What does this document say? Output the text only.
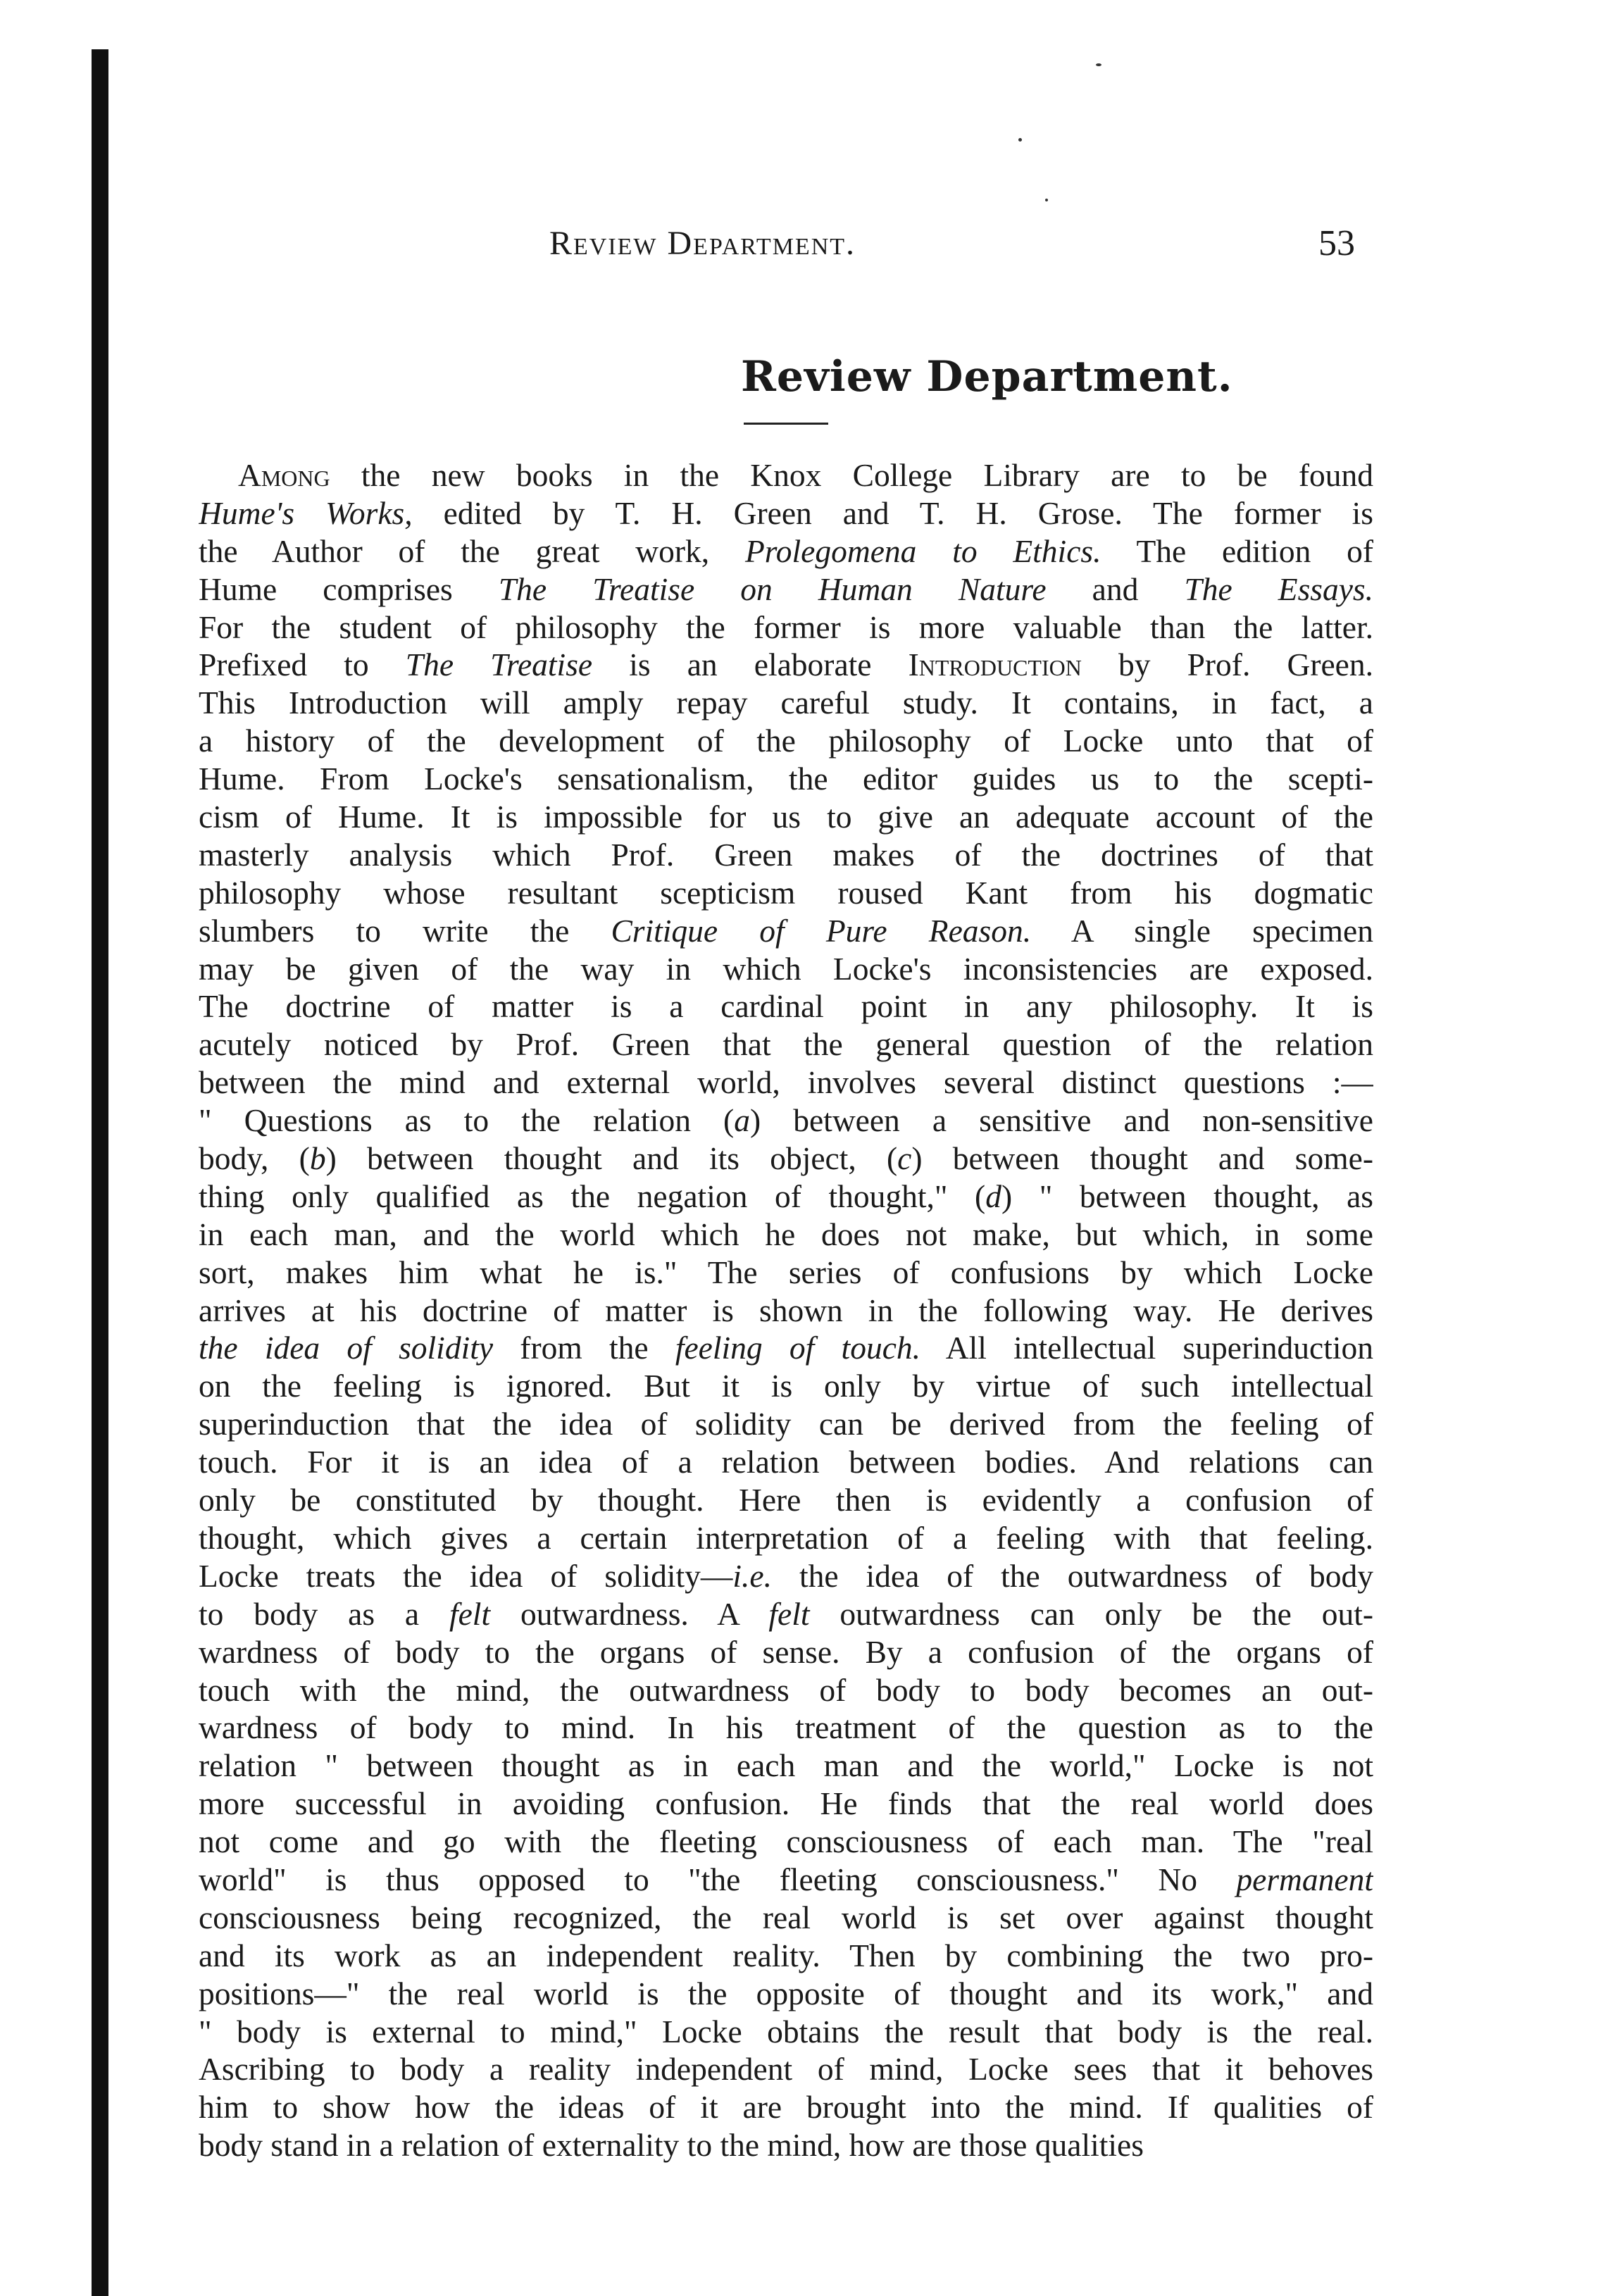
Review Department.	53
Review Department.
Among the new books in the Knox College Library are to be found
Hume's Works, edited by T. H. Green and T. H. Grose. The former is
the Author of the great work, Prolegomena to Ethics. The edition of
Hume comprises The Treatise on Human Nature and The Essays.
For the student of philosophy the former is more valuable than the latter.
Prefixed to The Treatise is an elaborate Introduction by Prof. Green.
This Introduction will amply repay careful study. It contains, in fact, a
a history of the development of the philosophy of Locke unto that of
Hume. From Locke's sensationalism, the editor guides us to the scepti-
cism of Hume. It is impossible for us to give an adequate account of the
masterly analysis which Prof. Green makes of the doctrines of that
philosophy whose resultant scepticism roused Kant from his dogmatic
slumbers to write the Critique of Pure Reason. A single specimen
may be given of the way in which Locke's inconsistencies are exposed.
The doctrine of matter is a cardinal point in any philosophy. It is
acutely noticed by Prof. Green that the general question of the relation
between the mind and external world, involves several distinct questions :—
" Questions as to the relation (a) between a sensitive and non-sensitive
body, (b) between thought and its object, (c) between thought and some-
thing only qualified as the negation of thought," (d) " between thought, as
in each man, and the world which he does not make, but which, in some
sort, makes him what he is." The series of confusions by which Locke
arrives at his doctrine of matter is shown in the following way. He derives
the idea of solidity from the feeling of touch. All intellectual superinduction
on the feeling is ignored. But it is only by virtue of such intellectual
superinduction that the idea of solidity can be derived from the feeling of
touch. For it is an idea of a relation between bodies. And relations can
only be constituted by thought. Here then is evidently a confusion of
thought, which gives a certain interpretation of a feeling with that feeling.
Locke treats the idea of solidity—i.e. the idea of the outwardness of body
to body as a felt outwardness. A felt outwardness can only be the out-
wardness of body to the organs of sense. By a confusion of the organs of
touch with the mind, the outwardness of body to body becomes an out-
wardness of body to mind. In his treatment of the question as to the
relation " between thought as in each man and the world," Locke is not
more successful in avoiding confusion. He finds that the real world does
not come and go with the fleeting consciousness of each man. The "real
world" is thus opposed to "the fleeting consciousness." No permanent
consciousness being recognized, the real world is set over against thought
and its work as an independent reality. Then by combining the two pro-
positions—" the real world is the opposite of thought and its work," and
" body is external to mind," Locke obtains the result that body is the real.
Ascribing to body a reality independent of mind, Locke sees that it behoves
him to show how the ideas of it are brought into the mind. If qualities of
body stand in a relation of externality to the mind, how are those qualities
